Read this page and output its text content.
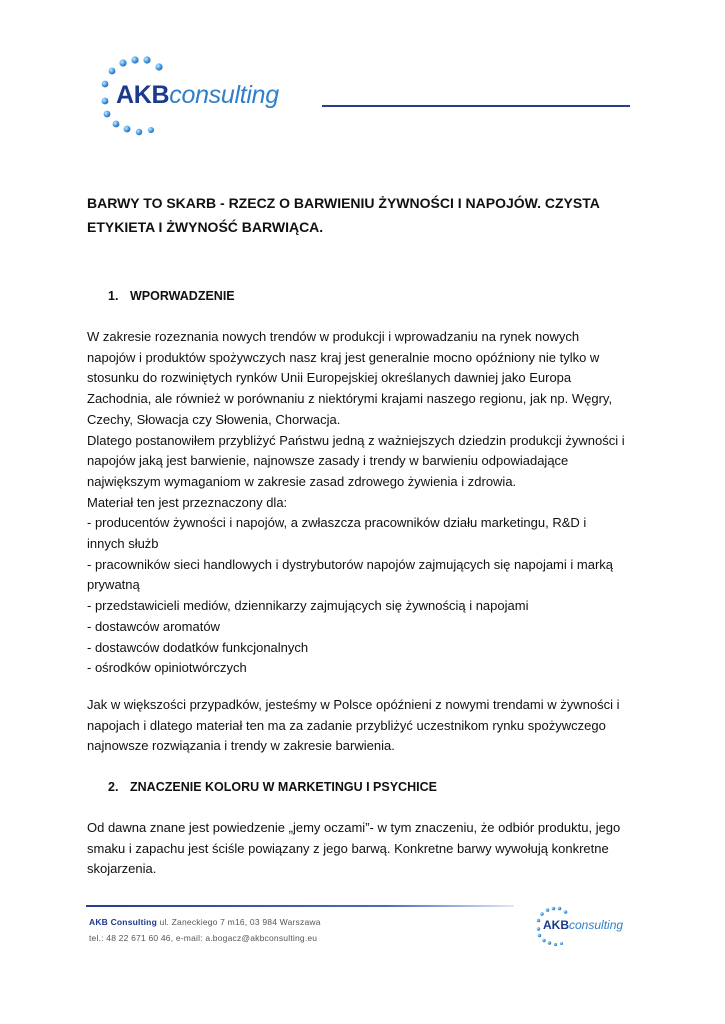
AKBconsulting
BARWY TO SKARB - RZECZ O BARWIENIU ŻYWNOŚCI I NAPOJÓW. CZYSTA
ETYKIETA I ŻWYNOŚĆ BARWIĄCA.
1. WPORWADZENIE
W zakresie rozeznania nowych trendów w produkcji i wprowadzaniu na rynek nowych
napojów i produktów spożywczych nasz kraj jest generalnie mocno opóźniony nie tylko w
stosunku do rozwiniętych rynków Unii Europejskiej określanych dawniej jako Europa
Zachodnia, ale również w porównaniu z niektórymi krajami naszego regionu, jak np. Węgry,
Czechy, Słowacja czy Słowenia, Chorwacja.
Dlatego postanowiłem przybliżyć Państwu jedną z ważniejszych dziedzin produkcji żywności i
napojów jaką jest barwienie, najnowsze zasady i trendy w barwieniu odpowiadające
największym wymaganiom w zakresie zasad zdrowego żywienia i zdrowia.
Materiał ten jest przeznaczony dla:
- producentów żywności i napojów, a zwłaszcza pracowników działu marketingu, R&D i
innych służb
- pracowników sieci handlowych i dystrybutorów napojów zajmujących się napojami i marką
prywatną
- przedstawicieli mediów, dziennikarzy zajmujących się żywnością i napojami
- dostawców aromatów
- dostawców dodatków funkcjonalnych
- ośrodków opiniotwórczych
Jak w większości przypadków, jesteśmy w Polsce opóźnieni z nowymi trendami w żywności i
napojach i dlatego materiał ten ma za zadanie przybliżyć uczestnikom rynku spożywczego
najnowsze rozwiązania i trendy w zakresie barwienia.
2. ZNACZENIE KOLORU W MARKETINGU I PSYCHICE
Od dawna znane jest powiedzenie „jemy oczami”- w tym znaczeniu, że odbiór produktu, jego
smaku i zapachu jest ściśle powiązany z jego barwą. Konkretne barwy wywołują konkretne
skojarzenia.
AKB Consulting ul. Zaneckiego 7 m16, 03 984 Warszawa
tel.: 48 22 671 60 46, e-mail: a.bogacz@akbconsulting.eu
AKBconsulting
